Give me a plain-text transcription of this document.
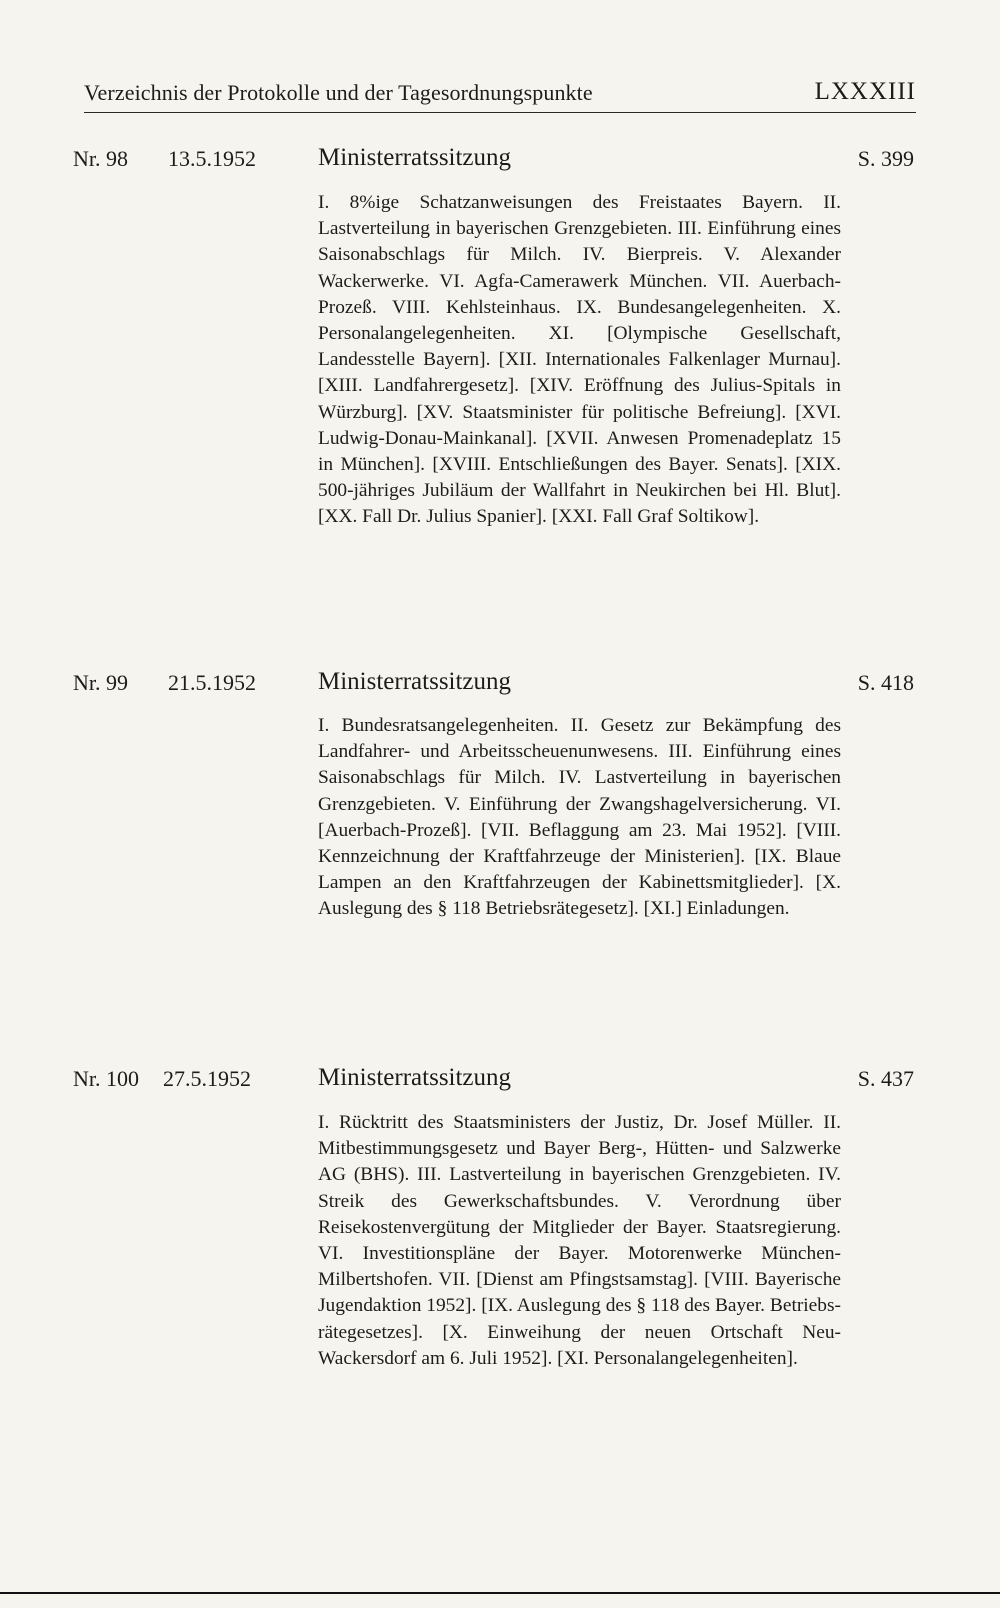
Verzeichnis der Protokolle und der Tagesordnungspunkte	LXXXIII
Nr. 98 13.5.1952 Ministerratssitzung	S. 399
I. 8%ige Schatzanweisungen des Freistaates Bayern. II. Lastverteilung in bayerischen Grenzgebieten. III. Einführung eines Saisonabschlags für Milch. IV. Bierpreis. V. Alexander Wackerwerke. VI. Agfa-Camerawerk München. VII. Auerbach-Prozeß. VIII. Kehlsteinhaus. IX. Bundesangelegenheiten. X. Personalangelegenheiten. XI. [Olympische Gesellschaft, Landesstelle Bayern]. [XII. Internationales Falkenlager Murnau]. [XIII. Landfahrergesetz]. [XIV. Eröffnung des Julius-Spitals in Würzburg]. [XV. Staatsminister für politische Befreiung]. [XVI. Ludwig-Donau-Mainkanal]. [XVII. Anwesen Promenadeplatz 15 in München]. [XVIII. Entschließungen des Bayer. Senats]. [XIX. 500-jähriges Jubiläum der Wallfahrt in Neukirchen bei Hl. Blut]. [XX. Fall Dr. Julius Spanier]. [XXI. Fall Graf Soltikow].
Nr. 99 21.5.1952 Ministerratssitzung	S. 418
I. Bundesratsangelegenheiten. II. Gesetz zur Bekämpfung des Landfahrer- und Arbeitsscheuenunwesens. III. Einführung eines Saisonabschlags für Milch. IV. Lastverteilung in bayerischen Grenzgebieten. V. Einführung der Zwangshagelversicherung. VI. [Auerbach-Prozeß]. [VII. Beflaggung am 23. Mai 1952]. [VIII. Kennzeichnung der Kraftfahrzeuge der Ministerien]. [IX. Blaue Lampen an den Kraftfahrzeugen der Kabinettsmitglieder]. [X. Auslegung des § 118 Betriebsrätegesetz]. [XI.] Einladungen.
Nr. 100 27.5.1952	Ministerratssitzung	S. 437
I. Rücktritt des Staatsministers der Justiz, Dr. Josef Müller. II. Mitbestimmungsgesetz und Bayer Berg-, Hütten- und Salzwerke AG (BHS). III. Lastverteilung in bayerischen Grenzgebieten. IV. Streik des Gewerkschaftsbundes. V. Verordnung über Reisekostenvergütung der Mitglieder der Bayer. Staatsregierung. VI. Investitionspläne der Bayer. Motorenwerke München-Milbertshofen. VII. [Dienst am Pfingstsamstag]. [VIII. Bayerische Jugendaktion 1952]. [IX. Auslegung des § 118 des Bayer. Betriebsrätegesetzes]. [X. Einweihung der neuen Ortschaft Neu-Wackersdorf am 6. Juli 1952]. [XI. Personalangelegenheiten].
